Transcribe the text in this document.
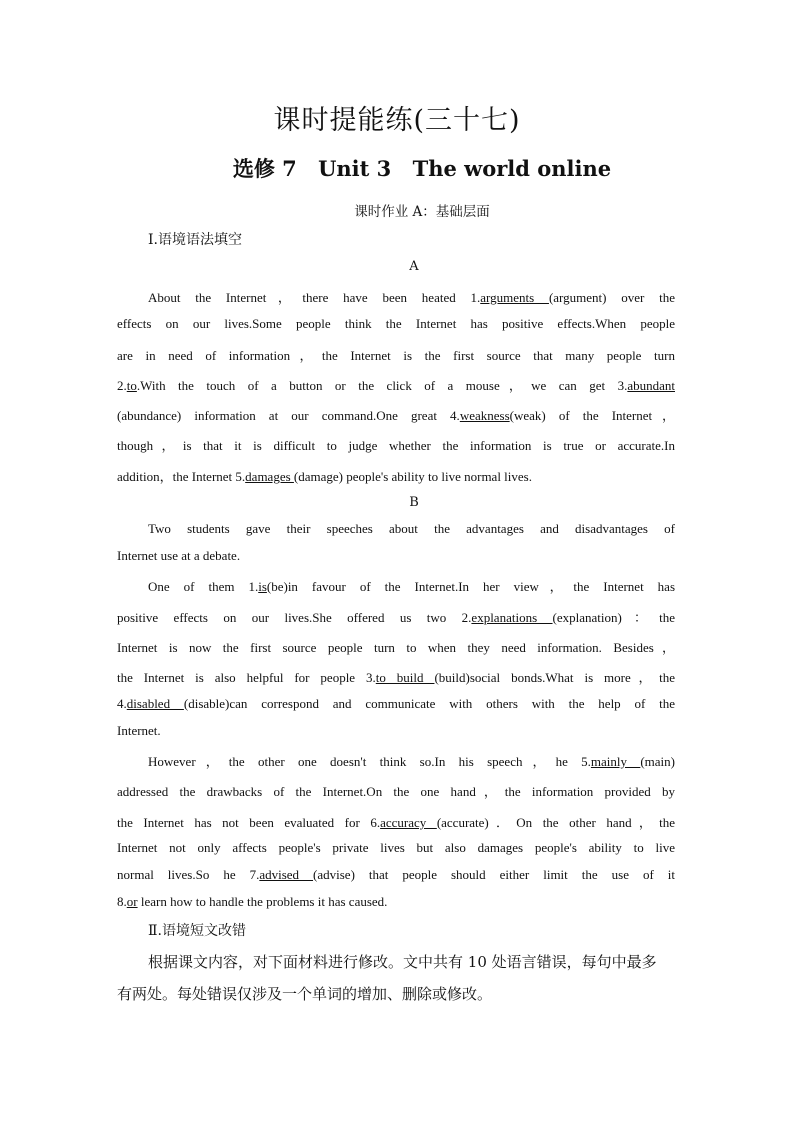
课时提能练(三十七)
选修 7 Unit 3 The world online
课时作业 A：基础层面
Ⅰ.语境语法填空
A
About the Internet，there have been heated 1.arguments (argument) over the
effects on our lives.Some people think the Internet has positive effects.When people
are in need of information，the Internet is the first source that many people turn
2.to.With the touch of a button or the click of a mouse，we can get 3.abundant
(abundance) information at our command.One great 4.weakness(weak) of the Internet，
though，is that it is difficult to judge whether the information is true or accurate.In
addition，the Internet 5.damages (damage) people's ability to live normal lives.
B
Two students gave their speeches about the advantages and disadvantages of
Internet use at a debate.
One of them 1.is(be)in favour of the Internet.In her view，the Internet has
positive effects on our lives.She offered us two 2.explanations (explanation)：the
Internet is now the first source people turn to when they need information. Besides，
the Internet is also helpful for people 3.to build (build)social bonds.What is more，the
4.disabled (disable)can correspond and communicate with others with the help of the
Internet.
However，the other one doesn't think so.In his speech，he 5.mainly (main)
addressed the drawbacks of the Internet.On the one hand，the information provided by
the Internet has not been evaluated for 6.accuracy (accurate)．On the other hand，the
Internet not only affects people's private lives but also damages people's ability to live
normal lives.So he 7.advised (advise) that people should either limit the use of it
8.or learn how to handle the problems it has caused.
Ⅱ.语境短文改错
根据课文内容，对下面材料进行修改。文中共有 10 处语言错误，每句中最多
有两处。每处错误仅涉及一个单词的增加、删除或修改。
